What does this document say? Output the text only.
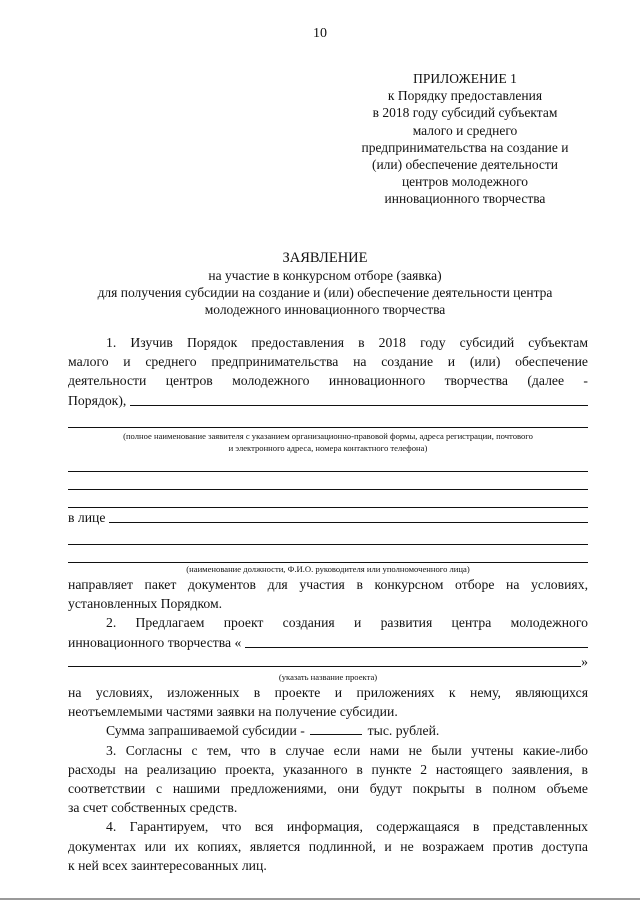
10
ПРИЛОЖЕНИЕ 1
к Порядку предоставления
в 2018 году субсидий субъектам
малого и среднего
предпринимательства на создание и
(или) обеспечение деятельности
центров молодежного
инновационного творчества
ЗАЯВЛЕНИЕ
на участие в конкурсном отборе (заявка)
для получения субсидии на создание и (или) обеспечение деятельности центра
молодежного инновационного творчества
1. Изучив Порядок предоставления в 2018 году субсидий субъектам
малого и среднего предпринимательства на создание и (или) обеспечение
деятельности центров молодежного инновационного творчества (далее -
Порядок),
(полное наименование заявителя с указанием организационно-правовой формы, адреса регистрации, почтового
и электронного адреса, номера контактного телефона)
в лице
(наименование должности, Ф.И.О. руководителя или уполномоченного лица)
направляет пакет документов для участия в конкурсном отборе на условиях,
установленных Порядком.
2. Предлагаем проект создания и развития центра молодежного
инновационного творчества «
»
(указать название проекта)
на условиях, изложенных в проекте и приложениях к нему, являющихся
неотъемлемыми частями заявки на получение субсидии.
Сумма запрашиваемой субсидии -	тыс. рублей.
3. Согласны с тем, что в случае если нами не были учтены какие-либо
расходы на реализацию проекта, указанного в пункте 2 настоящего заявления, в
соответствии с нашими предложениями, они будут покрыты в полном объеме
за счет собственных средств.
4. Гарантируем, что вся информация, содержащаяся в представленных
документах или их копиях, является подлинной, и не возражаем против доступа
к ней всех заинтересованных лиц.
